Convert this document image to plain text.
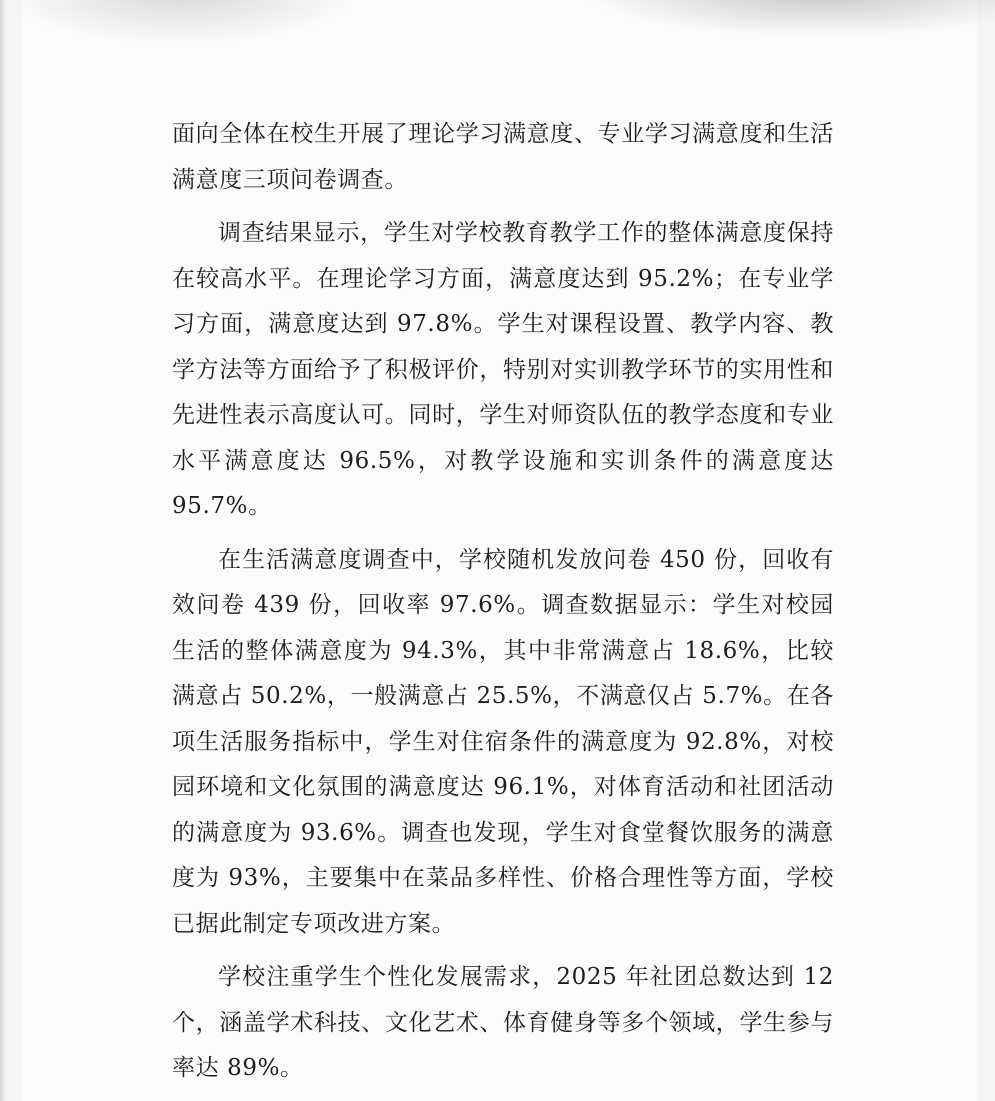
面向全体在校生开展了理论学习满意度、专业学习满意度和生活满意度三项问卷调查。

调查结果显示，学生对学校教育教学工作的整体满意度保持在较高水平。在理论学习方面，满意度达到 95.2%；在专业学习方面，满意度达到 97.8%。学生对课程设置、教学内容、教学方法等方面给予了积极评价，特别对实训教学环节的实用性和先进性表示高度认可。同时，学生对师资队伍的教学态度和专业水平满意度达 96.5%，对教学设施和实训条件的满意度达 95.7%。

在生活满意度调查中，学校随机发放问卷 450 份，回收有效问卷 439 份，回收率 97.6%。调查数据显示：学生对校园生活的整体满意度为 94.3%，其中非常满意占 18.6%，比较满意占 50.2%，一般满意占 25.5%，不满意仅占 5.7%。在各项生活服务指标中，学生对住宿条件的满意度为 92.8%，对校园环境和文化氛围的满意度达 96.1%，对体育活动和社团活动的满意度为 93.6%。调查也发现，学生对食堂餐饮服务的满意度为 93%，主要集中在菜品多样性、价格合理性等方面，学校已据此制定专项改进方案。

学校注重学生个性化发展需求，2025 年社团总数达到 12 个，涵盖学术科技、文化艺术、体育健身等多个领域，学生参与率达 89%。
